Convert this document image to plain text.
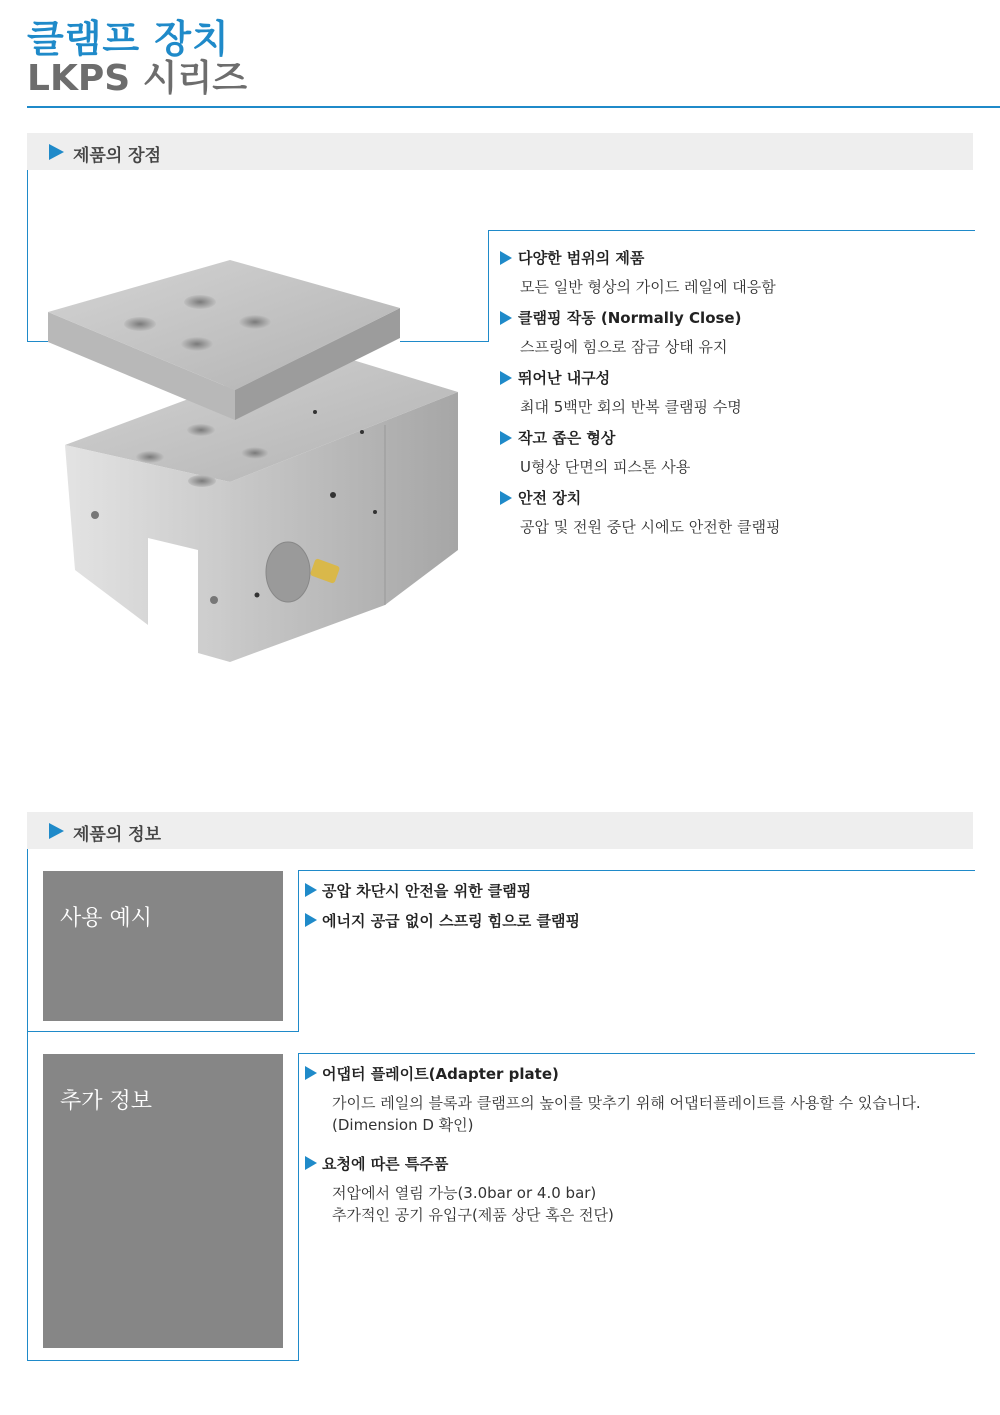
클램프 장치
LKPS 시리즈
제품의 장점
다양한 범위의 제품
모든 일반 형상의 가이드 레일에 대응함
클램핑 작동 (Normally Close)
스프링에 힘으로 잠금 상태 유지
뛰어난 내구성
최대 5백만 회의 반복 클램핑 수명
작고 좁은 형상
U형상 단면의 피스톤 사용
안전 장치
공압 및 전원 중단 시에도 안전한 클램핑
제품의 정보
사용 예시
공압 차단시 안전을 위한 클램핑
에너지 공급 없이 스프링 힘으로 클램핑
추가 정보
어댑터 플레이트(Adapter plate)
가이드 레일의 블록과 클램프의 높이를 맞추기 위해 어댑터플레이트를 사용할 수 있습니다.
(Dimension D 확인)
요청에 따른 특주품
저압에서 열림 가능(3.0bar or 4.0 bar)
추가적인 공기 유입구(제품 상단 혹은 전단)
